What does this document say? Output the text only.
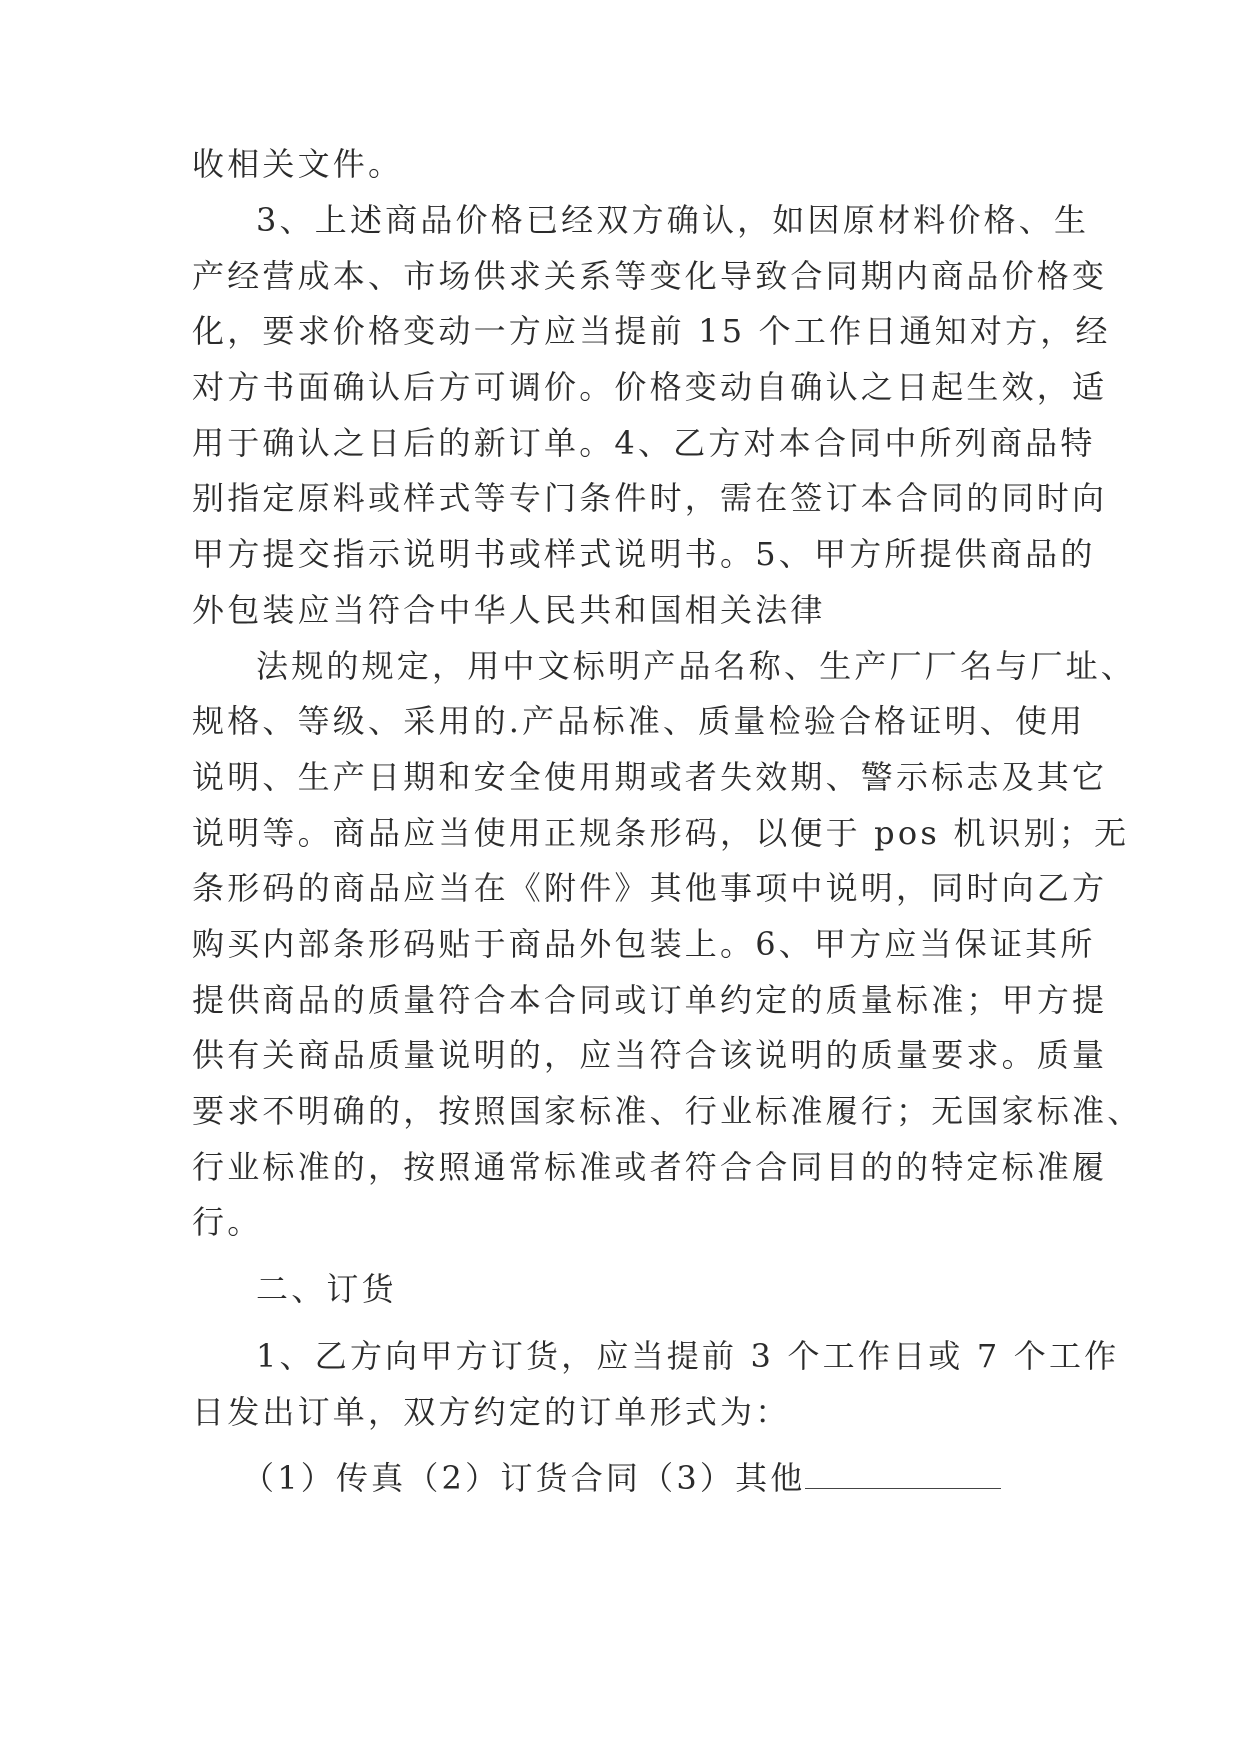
收相关文件。
3、上述商品价格已经双方确认，如因原材料价格、生
产经营成本、市场供求关系等变化导致合同期内商品价格变
化，要求价格变动一方应当提前 15 个工作日通知对方，经
对方书面确认后方可调价。价格变动自确认之日起生效，适
用于确认之日后的新订单。4、乙方对本合同中所列商品特
别指定原料或样式等专门条件时，需在签订本合同的同时向
甲方提交指示说明书或样式说明书。5、甲方所提供商品的
外包装应当符合中华人民共和国相关法律
法规的规定，用中文标明产品名称、生产厂厂名与厂址、
规格、等级、采用的.产品标准、质量检验合格证明、使用
说明、生产日期和安全使用期或者失效期、警示标志及其它
说明等。商品应当使用正规条形码，以便于 pos 机识别；无
条形码的商品应当在《附件》其他事项中说明，同时向乙方
购买内部条形码贴于商品外包装上。6、甲方应当保证其所
提供商品的质量符合本合同或订单约定的质量标准；甲方提
供有关商品质量说明的，应当符合该说明的质量要求。质量
要求不明确的，按照国家标准、行业标准履行；无国家标准、
行业标准的，按照通常标准或者符合合同目的的特定标准履
行。
二、订货
1、乙方向甲方订货，应当提前 3 个工作日或 7 个工作
日发出订单，双方约定的订单形式为：
（1）传真（2）订货合同（3）其他
